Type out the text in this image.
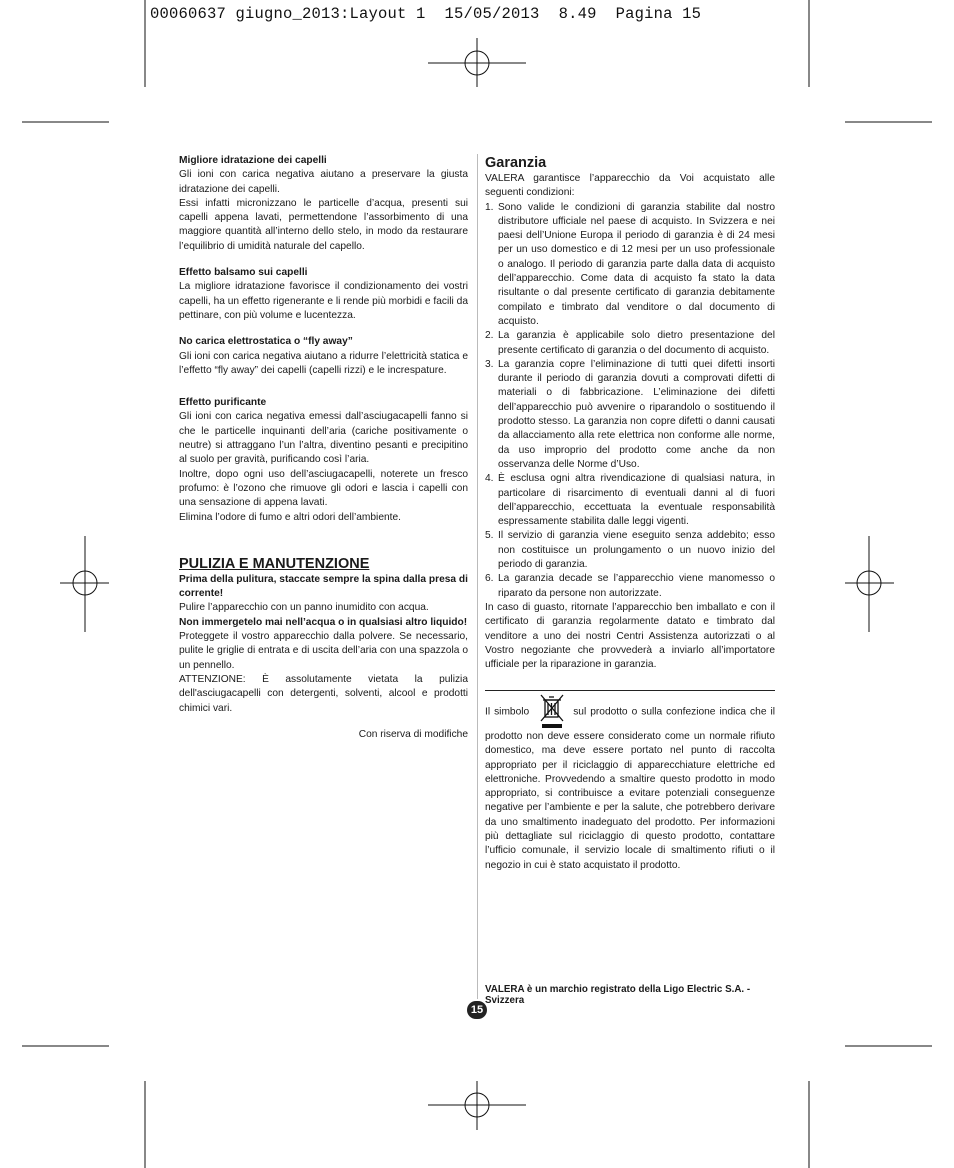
00060637 giugno_2013:Layout 1  15/05/2013  8.49  Pagina 15

Migliore idratazione dei capelli

Gli ioni con carica negativa aiutano a preservare la giusta idratazione dei capelli.

Essi infatti micronizzano le particelle d’acqua, presenti sui capelli appena lavati, permettendone l’assorbimento di una maggiore quantità all’interno dello stelo, in modo da restaurare l’equilibrio di umidità naturale del capello.

Effetto balsamo sui capelli

La migliore idratazione favorisce il condizionamento dei vostri capelli, ha un effetto rigenerante e li rende più morbidi e facili da pettinare, con più volume e lucentezza.

No carica elettrostatica o “fly away”

Gli ioni con carica negativa aiutano a ridurre l’elettricità statica e l’effetto “fly away” dei capelli (capelli rizzi) e le increspature.

Effetto purificante

Gli ioni con carica negativa emessi dall’asciugacapelli fanno si che le particelle inquinanti dell’aria (cariche positivamente o neutre) si attraggano l’un l’altra, diventino pesanti e precipitino al suolo per gravità, purificando così l’aria.

Inoltre, dopo ogni uso dell’asciugacapelli, noterete un fresco profumo: è l’ozono che rimuove gli odori e lascia i capelli con una sensazione di appena lavati.

Elimina l’odore di fumo e altri odori dell’ambiente.

PULIZIA E MANUTENZIONE

Prima della pulitura, staccate sempre la spina dalla presa di corrente!

Pulire l’apparecchio con un panno inumidito con acqua.

Non immergetelo mai nell’acqua o in qualsiasi altro liquido!

Proteggete il vostro apparecchio dalla polvere. Se necessario, pulite le griglie di entrata e di uscita dell’aria con una spazzola o un pennello.

ATTENZIONE: È assolutamente vietata la pulizia dell'asciugacapelli con detergenti, solventi, alcool e prodotti chimici vari.

Con riserva di modifiche

Garanzia

VALERA garantisce l’apparecchio da Voi acquistato alle seguenti condizioni:

1. Sono valide le condizioni di garanzia stabilite dal nostro distributore ufficiale nel paese di acquisto. In Svizzera e nei paesi dell’Unione Europa il periodo di garanzia è di 24 mesi per un uso domestico e di 12 mesi per un uso professionale o analogo. Il periodo di garanzia parte dalla data di acquisto dell’apparecchio. Come data di acquisto fa stato la data risultante o dal presente certificato di garanzia debitamente compilato e timbrato dal venditore o dal documento di acquisto.
2. La garanzia è applicabile solo dietro presentazione del presente certificato di garanzia o del documento di acquisto.
3. La garanzia copre l’eliminazione di tutti quei difetti insorti durante il periodo di garanzia dovuti a comprovati difetti di materiali o di fabbricazione. L’eliminazione dei difetti dell’apparecchio può avvenire o riparandolo o sostituendo il prodotto stesso. La garanzia non copre difetti o danni causati da allacciamento alla rete elettrica non conforme alle norme, da uso improprio del prodotto come anche da non osservanza delle Norme d’Uso.
4. È esclusa ogni altra rivendicazione di qualsiasi natura, in particolare di risarcimento di eventuali danni al di fuori dell’apparecchio, eccettuata la eventuale responsabilità espressamente stabilita dalle leggi vigenti.
5. Il servizio di garanzia viene eseguito senza addebito; esso non costituisce un prolungamento o un nuovo inizio del periodo di garanzia.
6. La garanzia decade se l’apparecchio viene manomesso o riparato da persone non autorizzate.

In caso di guasto, ritornate l’apparecchio ben imballato e con il certificato di garanzia regolarmente datato e timbrato dal venditore a uno dei nostri Centri Assistenza autorizzati o al Vostro negoziante che provvederà a inviarlo all’importatore ufficiale per la riparazione in garanzia.

Il simbolo	sul prodotto o sulla confezione indica che il prodotto non deve essere considerato come un normale rifiuto domestico, ma deve essere portato nel punto di raccolta appropriato per il riciclaggio di apparecchiature elettriche ed elettroniche. Provvedendo a smaltire questo prodotto in modo appropriato, si contribuisce a evitare potenziali conseguenze negative per l’ambiente e per la salute, che potrebbero derivare da uno smaltimento inadeguato del prodotto. Per informazioni più dettagliate sul riciclaggio di questo prodotto, contattare l’ufficio comunale, il servizio locale di smaltimento rifiuti o il negozio in cui è stato acquistato il prodotto.

VALERA è un marchio registrato della Ligo Electric S.A. - Svizzera
15
